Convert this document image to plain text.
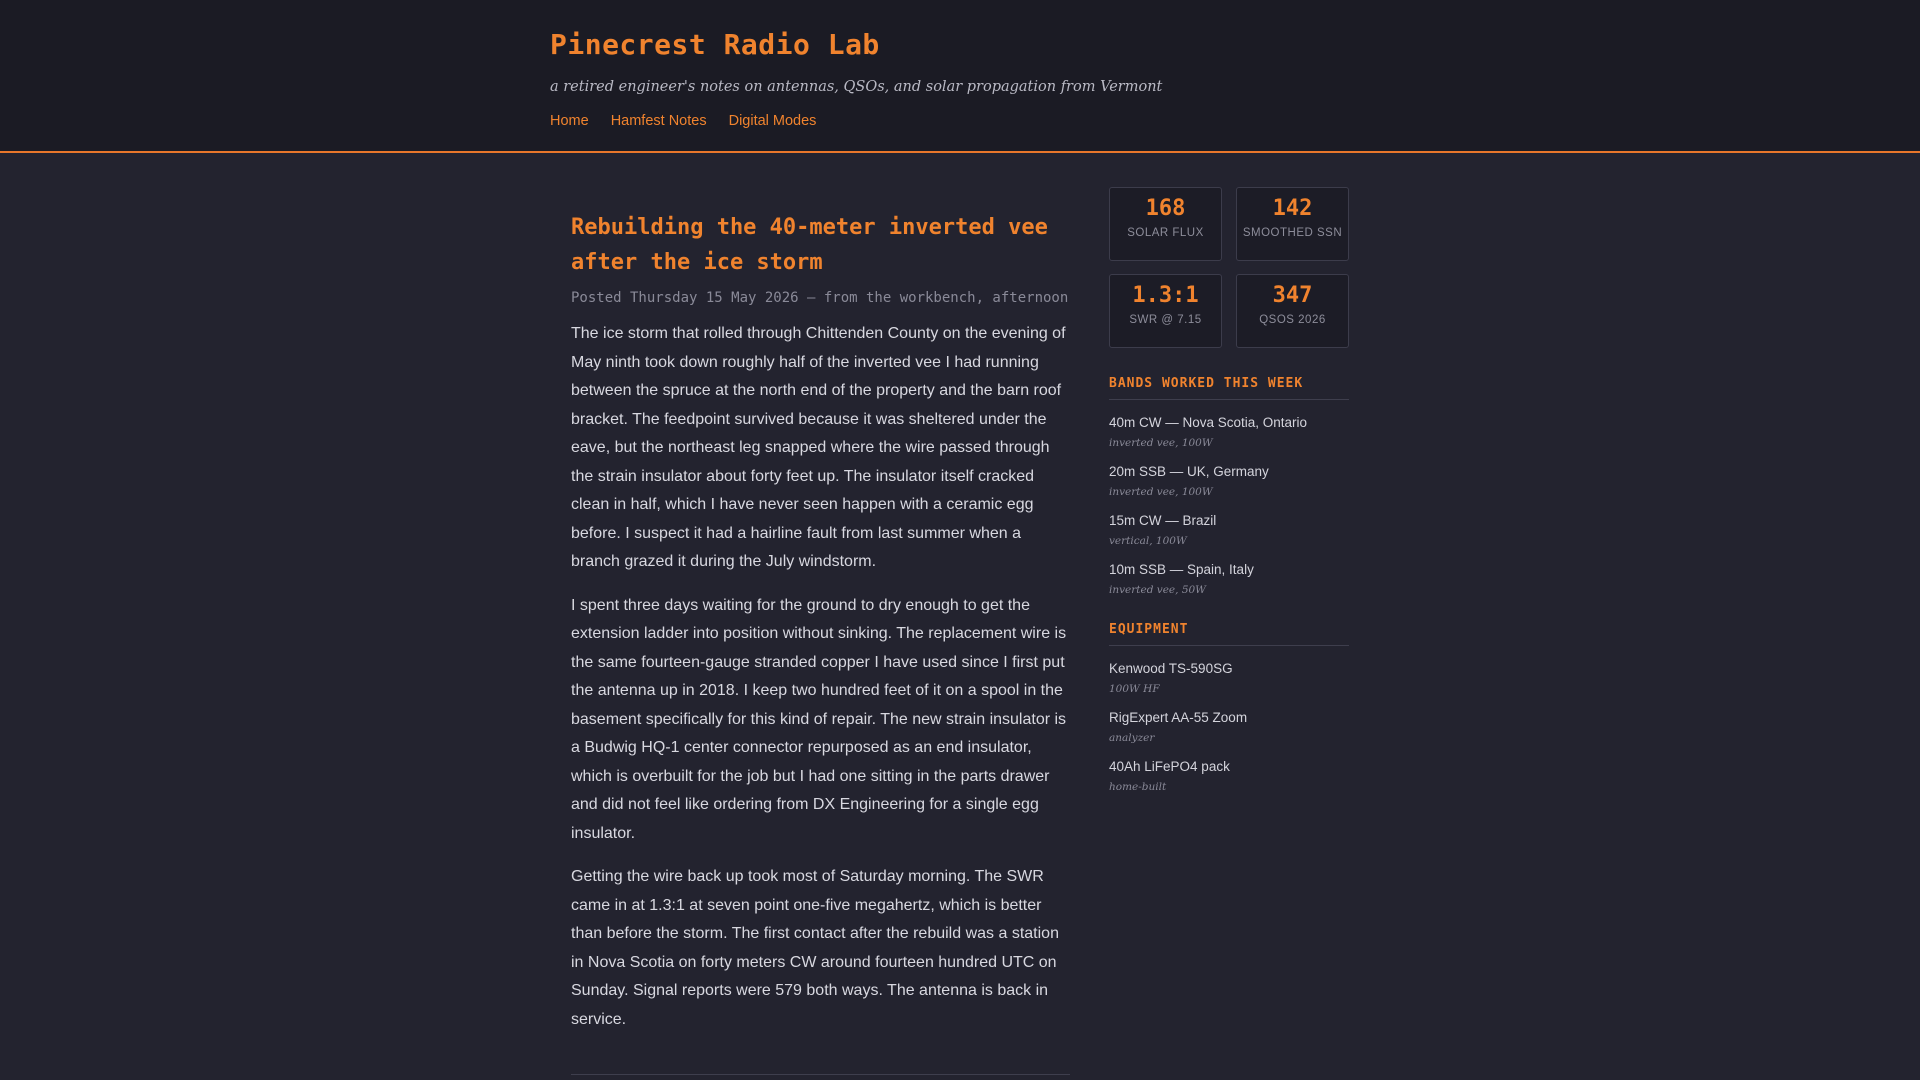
Pinecrest Radio Lab
a retired engineer's notes on antennas, QSOs, and solar propagation from Vermont
Home Hamfest Notes Digital Modes
Rebuilding the 40-meter inverted vee after the ice storm
Posted Thursday 15 May 2026 — from the workbench, afternoon

The ice storm that rolled through Chittenden County on the evening of May ninth took down roughly half of the inverted vee I had running between the spruce at the north end of the property and the barn roof bracket. The feedpoint survived because it was sheltered under the eave, but the northeast leg snapped where the wire passed through the strain insulator about forty feet up. The insulator itself cracked clean in half, which I have never seen happen with a ceramic egg before. I suspect it had a hairline fault from last summer when a branch grazed it during the July windstorm.

I spent three days waiting for the ground to dry enough to get the extension ladder into position without sinking. The replacement wire is the same fourteen-gauge stranded copper I have used since I first put the antenna up in 2018. I keep two hundred feet of it on a spool in the basement specifically for this kind of repair. The new strain insulator is a Budwig HQ-1 center connector repurposed as an end insulator, which is overbuilt for the job but I had one sitting in the parts drawer and did not feel like ordering from DX Engineering for a single egg insulator.

Getting the wire back up took most of Saturday morning. The SWR came in at 1.3:1 at seven point one-five megahertz, which is better than before the storm. The first contact after the rebuild was a station in Nova Scotia on forty meters CW around fourteen hundred UTC on Sunday. Signal reports were 579 both ways. The antenna is back in service.

168
SOLAR FLUX
142
SMOOTHED SSN
1.3:1
SWR @ 7.15
347
QSOS 2026
BANDS WORKED THIS WEEK
40m CW — Nova Scotia, Ontario
inverted vee, 100W
20m SSB — UK, Germany
inverted vee, 100W
15m CW — Brazil
vertical, 100W
10m SSB — Spain, Italy
inverted vee, 50W
EQUIPMENT
Kenwood TS-590SG
100W HF
RigExpert AA-55 Zoom
analyzer
40Ah LiFePO4 pack
home-built
